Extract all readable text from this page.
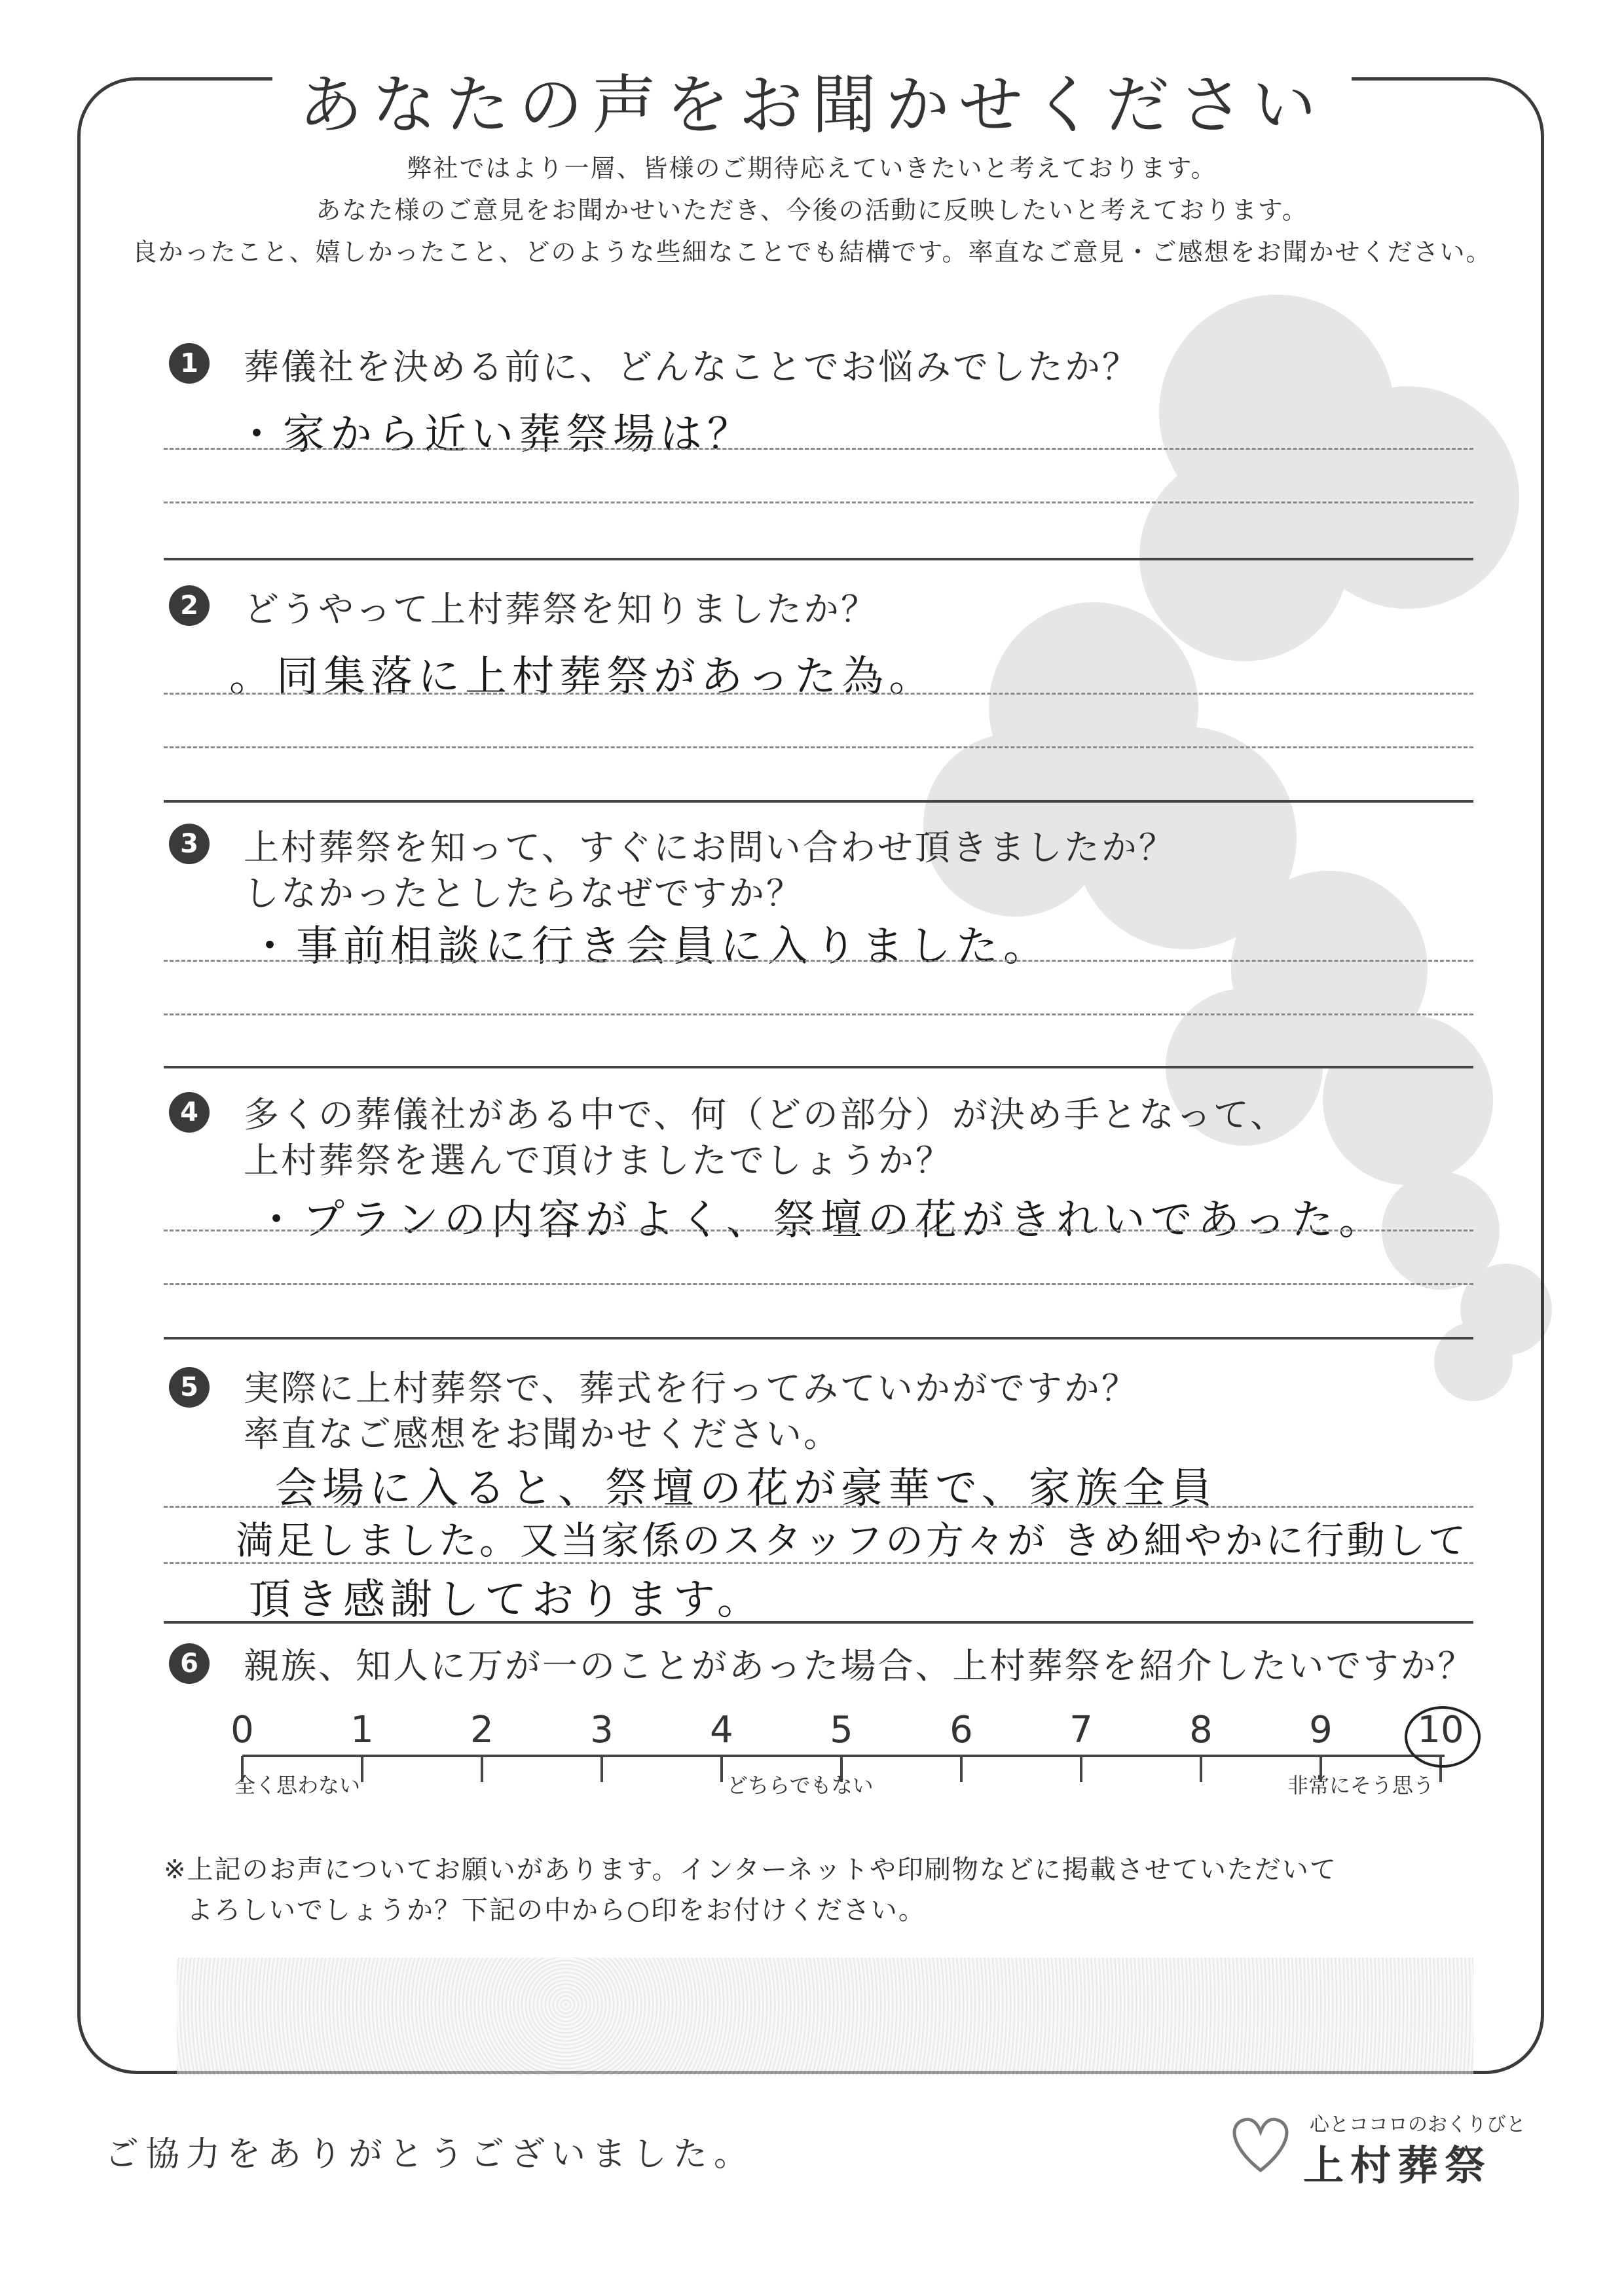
あなたの声をお聞かせください
弊社ではより一層、皆様のご期待応えていきたいと考えております。
あなた様のご意見をお聞かせいただき、今後の活動に反映したいと考えております。
良かったこと、嬉しかったこと、どのような些細なことでも結構です。率直なご意見・ご感想をお聞かせください。
1	葬儀社を決める前に、どんなことでお悩みでしたか？
・家から近い葬祭場は？
2	どうやって上村葬祭を知りましたか？
。同集落に上村葬祭があった為。
3	上村葬祭を知って、すぐにお問い合わせ頂きましたか？
しなかったとしたらなぜですか？
・事前相談に行き会員に入りました。
4	多くの葬儀社がある中で、何（どの部分）が決め手となって、
上村葬祭を選んで頂けましたでしょうか？
・プランの内容がよく、祭壇の花がきれいであった。
5	実際に上村葬祭で、葬式を行ってみていかがですか？
率直なご感想をお聞かせください。
会場に入ると、祭壇の花が豪華で、家族全員
満足しました。又当家係のスタッフの方々が きめ細やかに行動して
頂き感謝しております。
6	親族、知人に万が一のことがあった場合、上村葬祭を紹介したいですか？
0	1	2	3	4	5	6	7	8	9	10
全く思わない	どちらでもない	非常にそう思う
※上記のお声についてお願いがあります。インターネットや印刷物などに掲載させていただいて
よろしいでしょうか？下記の中から○印をお付けください。
ご協力をありがとうございました。
心とココロのおくりびと
上村葬祭
